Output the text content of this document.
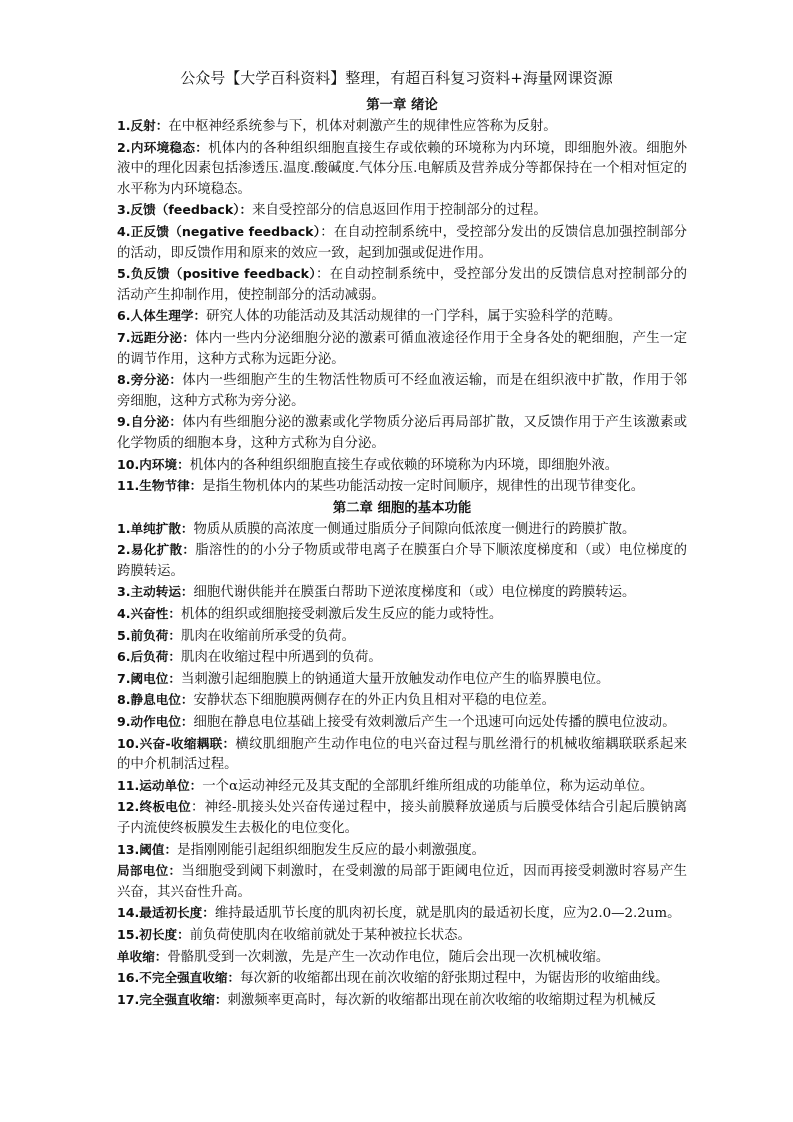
公众号【大学百科资料】整理，有超百科复习资料+海量网课资源
第一章 绪论
1.反射：在中枢神经系统参与下，机体对刺激产生的规律性应答称为反射。
2.内环境稳态：机体内的各种组织细胞直接生存或依赖的环境称为内环境，即细胞外液。细胞外液中的理化因素包括渗透压.温度.酸碱度.气体分压.电解质及营养成分等都保持在一个相对恒定的水平称为内环境稳态。
3.反馈（feedback）：来自受控部分的信息返回作用于控制部分的过程。
4.正反馈（negative feedback）：在自动控制系统中，受控部分发出的反馈信息加强控制部分的活动，即反馈作用和原来的效应一致，起到加强或促进作用。
5.负反馈（positive feedback）：在自动控制系统中，受控部分发出的反馈信息对控制部分的活动产生抑制作用，使控制部分的活动减弱。
6.人体生理学：研究人体的功能活动及其活动规律的一门学科，属于实验科学的范畴。
7.远距分泌：体内一些内分泌细胞分泌的激素可循血液途径作用于全身各处的靶细胞，产生一定的调节作用，这种方式称为远距分泌。
8.旁分泌：体内一些细胞产生的生物活性物质可不经血液运输，而是在组织液中扩散，作用于邻旁细胞，这种方式称为旁分泌。
9.自分泌：体内有些细胞分泌的激素或化学物质分泌后再局部扩散，又反馈作用于产生该激素或化学物质的细胞本身，这种方式称为自分泌。
10.内环境：机体内的各种组织细胞直接生存或依赖的环境称为内环境，即细胞外液。
11.生物节律：是指生物机体内的某些功能活动按一定时间顺序，规律性的出现节律变化。
第二章 细胞的基本功能
1.单纯扩散：物质从质膜的高浓度一侧通过脂质分子间隙向低浓度一侧进行的跨膜扩散。
2.易化扩散：脂溶性的的小分子物质或带电离子在膜蛋白介导下顺浓度梯度和（或）电位梯度的跨膜转运。
3.主动转运：细胞代谢供能并在膜蛋白帮助下逆浓度梯度和（或）电位梯度的跨膜转运。
4.兴奋性：机体的组织或细胞接受刺激后发生反应的能力或特性。
5.前负荷：肌肉在收缩前所承受的负荷。
6.后负荷：肌肉在收缩过程中所遇到的负荷。
7.阈电位：当刺激引起细胞膜上的钠通道大量开放触发动作电位产生的临界膜电位。
8.静息电位：安静状态下细胞膜两侧存在的外正内负且相对平稳的电位差。
9.动作电位：细胞在静息电位基础上接受有效刺激后产生一个迅速可向远处传播的膜电位波动。
10.兴奋-收缩耦联：横纹肌细胞产生动作电位的电兴奋过程与肌丝滑行的机械收缩耦联联系起来的中介机制活过程。
11.运动单位：一个α运动神经元及其支配的全部肌纤维所组成的功能单位，称为运动单位。
12.终板电位：神经-肌接头处兴奋传递过程中，接头前膜释放递质与后膜受体结合引起后膜钠离子内流使终板膜发生去极化的电位变化。
13.阈值：是指刚刚能引起组织细胞发生反应的最小刺激强度。
局部电位：当细胞受到阈下刺激时，在受刺激的局部于距阈电位近，因而再接受刺激时容易产生兴奋，其兴奋性升高。
14.最适初长度：维持最适肌节长度的肌肉初长度，就是肌肉的最适初长度，应为2.0—2.2um。
15.初长度：前负荷使肌肉在收缩前就处于某种被拉长状态。
单收缩：骨骼肌受到一次刺激，先是产生一次动作电位，随后会出现一次机械收缩。
16.不完全强直收缩：每次新的收缩都出现在前次收缩的舒张期过程中，为锯齿形的收缩曲线。
17.完全强直收缩：刺激频率更高时，每次新的收缩都出现在前次收缩的收缩期过程为机械反
